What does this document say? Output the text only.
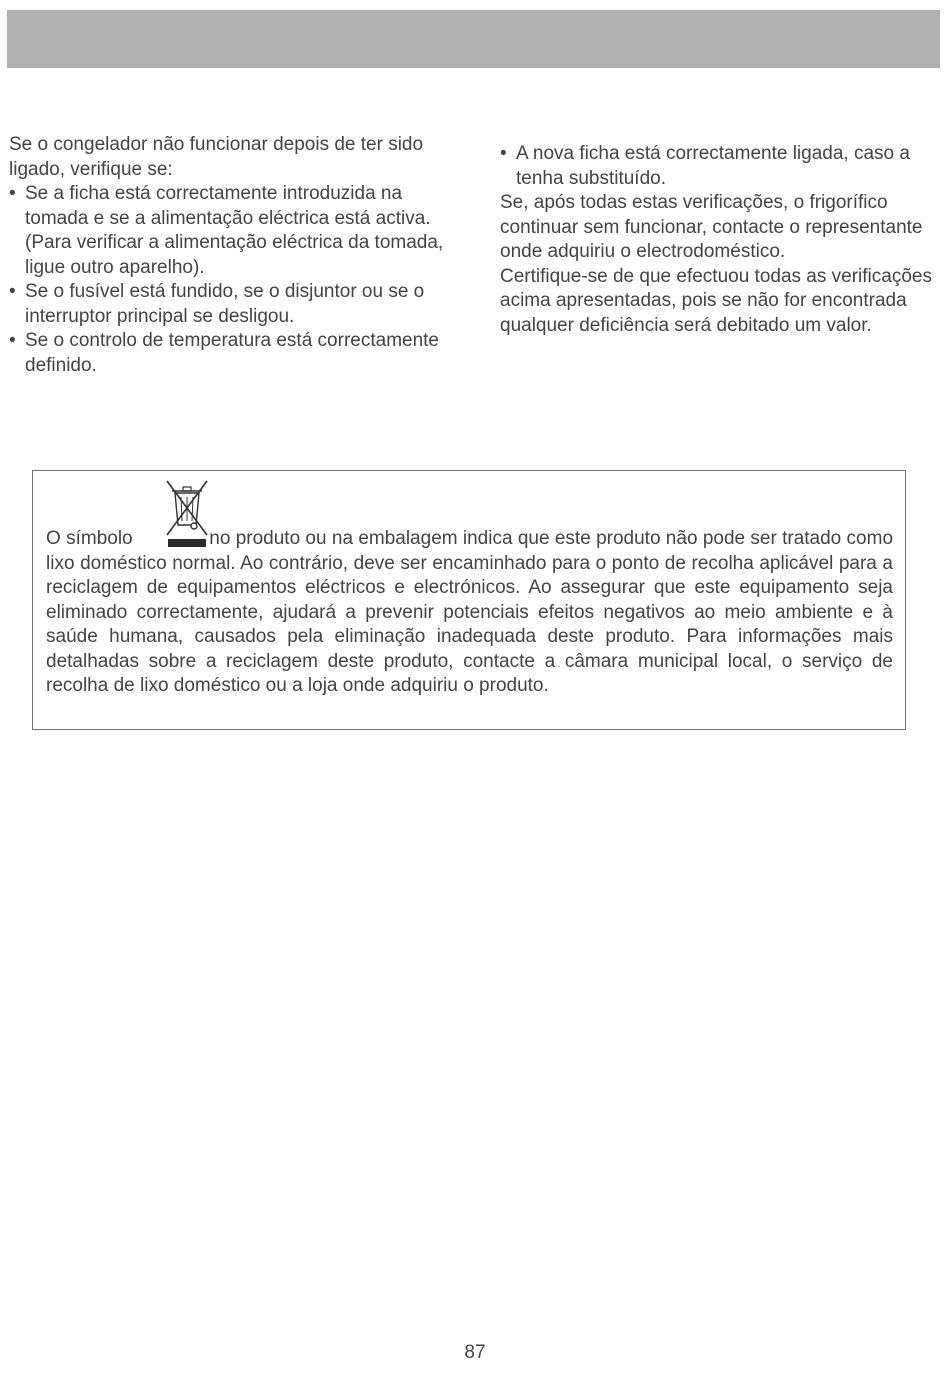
Se o congelador não funcionar depois de ter sido ligado, verifique se:

• Se a ficha está correctamente introduzida na tomada e se a alimentação eléctrica está activa. (Para verificar a alimentação eléctrica da tomada, ligue outro aparelho).

• Se o fusível está fundido, se o disjuntor ou se o interruptor principal se desligou.

• Se o controlo de temperatura está correctamente definido.

• A nova ficha está correctamente ligada, caso a tenha substituído.

Se, após todas estas verificações, o frigorífico continuar sem funcionar, contacte o representante onde adquiriu o electrodoméstico.

Certifique-se de que efectuou todas as verificações acima apresentadas, pois se não for encontrada qualquer deficiência será debitado um valor.

O símbolo	no produto ou na embalagem indica que este produto não pode ser tratado como lixo doméstico normal. Ao contrário, deve ser encaminhado para o ponto de recolha aplicável para a reciclagem de equipamentos eléctricos e electrónicos. Ao assegurar que este equipamento seja eliminado correctamente, ajudará a prevenir potenciais efeitos negativos ao meio ambiente e à saúde humana, causados pela eliminação inadequada deste produto. Para informações mais detalhadas sobre a reciclagem deste produto, contacte a câmara municipal local, o serviço de recolha de lixo doméstico ou a loja onde adquiriu o produto.
87
